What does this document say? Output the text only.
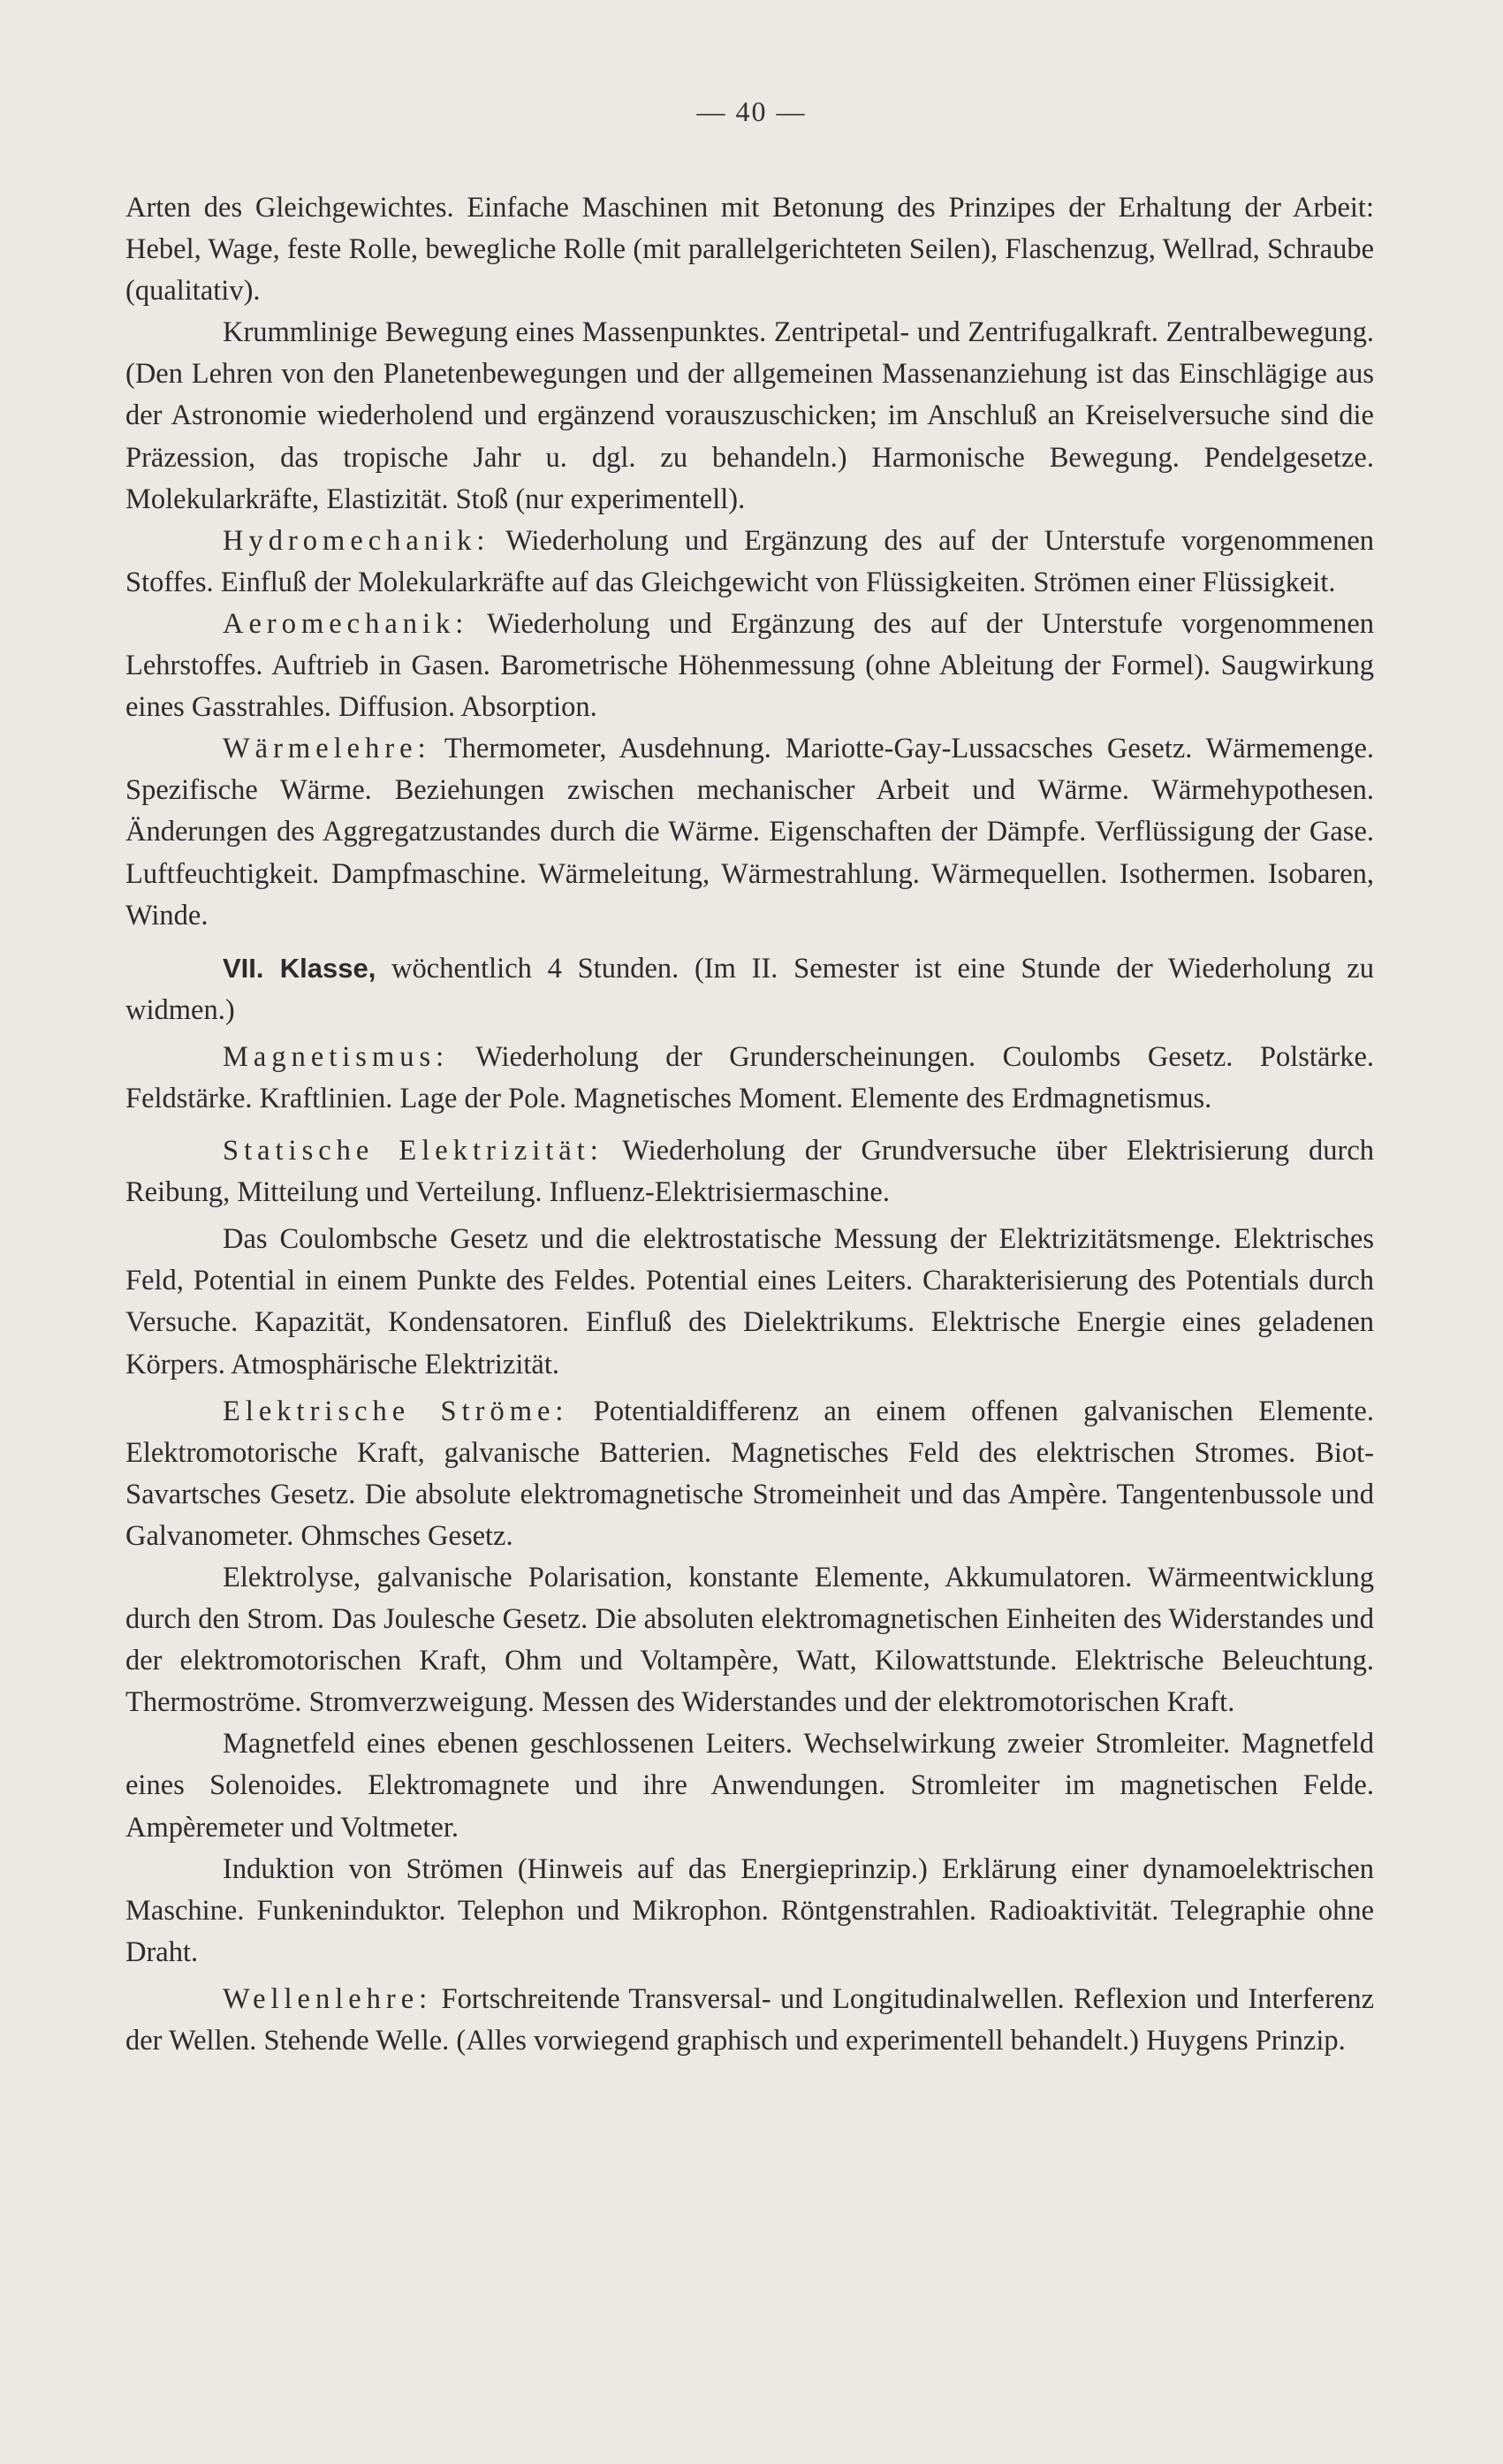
— 40 —

Arten des Gleichgewichtes. Einfache Maschinen mit Betonung des Prinzipes der Erhaltung der Arbeit: Hebel, Wage, feste Rolle, bewegliche Rolle (mit parallelgerichteten Seilen), Flaschenzug, Wellrad, Schraube (qualitativ).

Krummlinige Bewegung eines Massenpunktes. Zentripetal- und Zentrifugalkraft. Zentralbewegung. (Den Lehren von den Planetenbewegungen und der allgemeinen Massenanziehung ist das Einschlägige aus der Astronomie wiederholend und ergänzend vorauszuschicken; im Anschluß an Kreiselversuche sind die Präzession, das tropische Jahr u. dgl. zu behandeln.) Harmonische Bewegung. Pendelgesetze. Molekularkräfte, Elastizität. Stoß (nur experimentell).

Hydromechanik: Wiederholung und Ergänzung des auf der Unterstufe vorgenommenen Stoffes. Einfluß der Molekularkräfte auf das Gleichgewicht von Flüssigkeiten. Strömen einer Flüssigkeit.

Aeromechanik: Wiederholung und Ergänzung des auf der Unterstufe vorgenommenen Lehrstoffes. Auftrieb in Gasen. Barometrische Höhenmessung (ohne Ableitung der Formel). Saugwirkung eines Gasstrahles. Diffusion. Absorption.

Wärmelehre: Thermometer, Ausdehnung. Mariotte-Gay-Lussacsches Gesetz. Wärmemenge. Spezifische Wärme. Beziehungen zwischen mechanischer Arbeit und Wärme. Wärmehypothesen. Änderungen des Aggregatzustandes durch die Wärme. Eigenschaften der Dämpfe. Verflüssigung der Gase. Luftfeuchtigkeit. Dampfmaschine. Wärmeleitung, Wärmestrahlung. Wärmequellen. Isothermen. Isobaren, Winde.

VII. Klasse, wöchentlich 4 Stunden. (Im II. Semester ist eine Stunde der Wiederholung zu widmen.)

Magnetismus: Wiederholung der Grunderscheinungen. Coulombs Gesetz. Polstärke. Feldstärke. Kraftlinien. Lage der Pole. Magnetisches Moment. Elemente des Erdmagnetismus.

Statische Elektrizität: Wiederholung der Grundversuche über Elektrisierung durch Reibung, Mitteilung und Verteilung. Influenz-Elektrisiermaschine.

Das Coulombsche Gesetz und die elektrostatische Messung der Elektrizitätsmenge. Elektrisches Feld, Potential in einem Punkte des Feldes. Potential eines Leiters. Charakterisierung des Potentials durch Versuche. Kapazität, Kondensatoren. Einfluß des Dielektrikums. Elektrische Energie eines geladenen Körpers. Atmosphärische Elektrizität.

Elektrische Ströme: Potentialdifferenz an einem offenen galvanischen Elemente. Elektromotorische Kraft, galvanische Batterien. Magnetisches Feld des elektrischen Stromes. Biot-Savartsches Gesetz. Die absolute elektromagnetische Stromeinheit und das Ampère. Tangentenbussole und Galvanometer. Ohmsches Gesetz.

Elektrolyse, galvanische Polarisation, konstante Elemente, Akkumulatoren. Wärmeentwicklung durch den Strom. Das Joulesche Gesetz. Die absoluten elektromagnetischen Einheiten des Widerstandes und der elektromotorischen Kraft, Ohm und Voltampère, Watt, Kilowattstunde. Elektrische Beleuchtung. Thermoströme. Stromverzweigung. Messen des Widerstandes und der elektromotorischen Kraft.

Magnetfeld eines ebenen geschlossenen Leiters. Wechselwirkung zweier Stromleiter. Magnetfeld eines Solenoides. Elektromagnete und ihre Anwendungen. Stromleiter im magnetischen Felde. Ampèremeter und Voltmeter.

Induktion von Strömen (Hinweis auf das Energieprinzip.) Erklärung einer dynamoelektrischen Maschine. Funkeninduktor. Telephon und Mikrophon. Röntgenstrahlen. Radioaktivität. Telegraphie ohne Draht.

Wellenlehre: Fortschreitende Transversal- und Longitudinalwellen. Reflexion und Interferenz der Wellen. Stehende Welle. (Alles vorwiegend graphisch und experimentell behandelt.) Huygens Prinzip.
